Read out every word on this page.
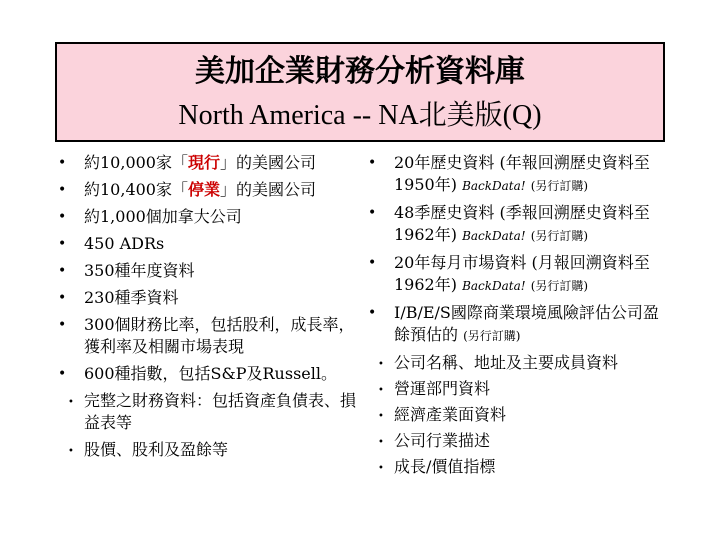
美加企業財務分析資料庫
North America -- NA北美版(Q)
• 約10,000家「現行」的美國公司
• 約10,400家「停業」的美國公司
• 約1,000個加拿大公司
• 450 ADRs
• 350種年度資料
• 230種季資料
• 300個財務比率，包括股利，成長率，獲利率及相關市場表現
• 600種指數，包括S&P及Russell。
• 完整之財務資料：包括資產負債表、損益表等
• 股價、股利及盈餘等
• 20年歷史資料 (年報回溯歷史資料至1950年) BackData! (另行訂購)
• 48季歷史資料 (季報回溯歷史資料至1962年) BackData! (另行訂購)
• 20年每月市場資料 (月報回溯資料至1962年) BackData! (另行訂購)
• I/B/E/S國際商業環境風險評估公司盈餘預估的 (另行訂購)
• 公司名稱、地址及主要成員資料
• 營運部門資料
• 經濟產業面資料
• 公司行業描述
• 成長/價值指標
